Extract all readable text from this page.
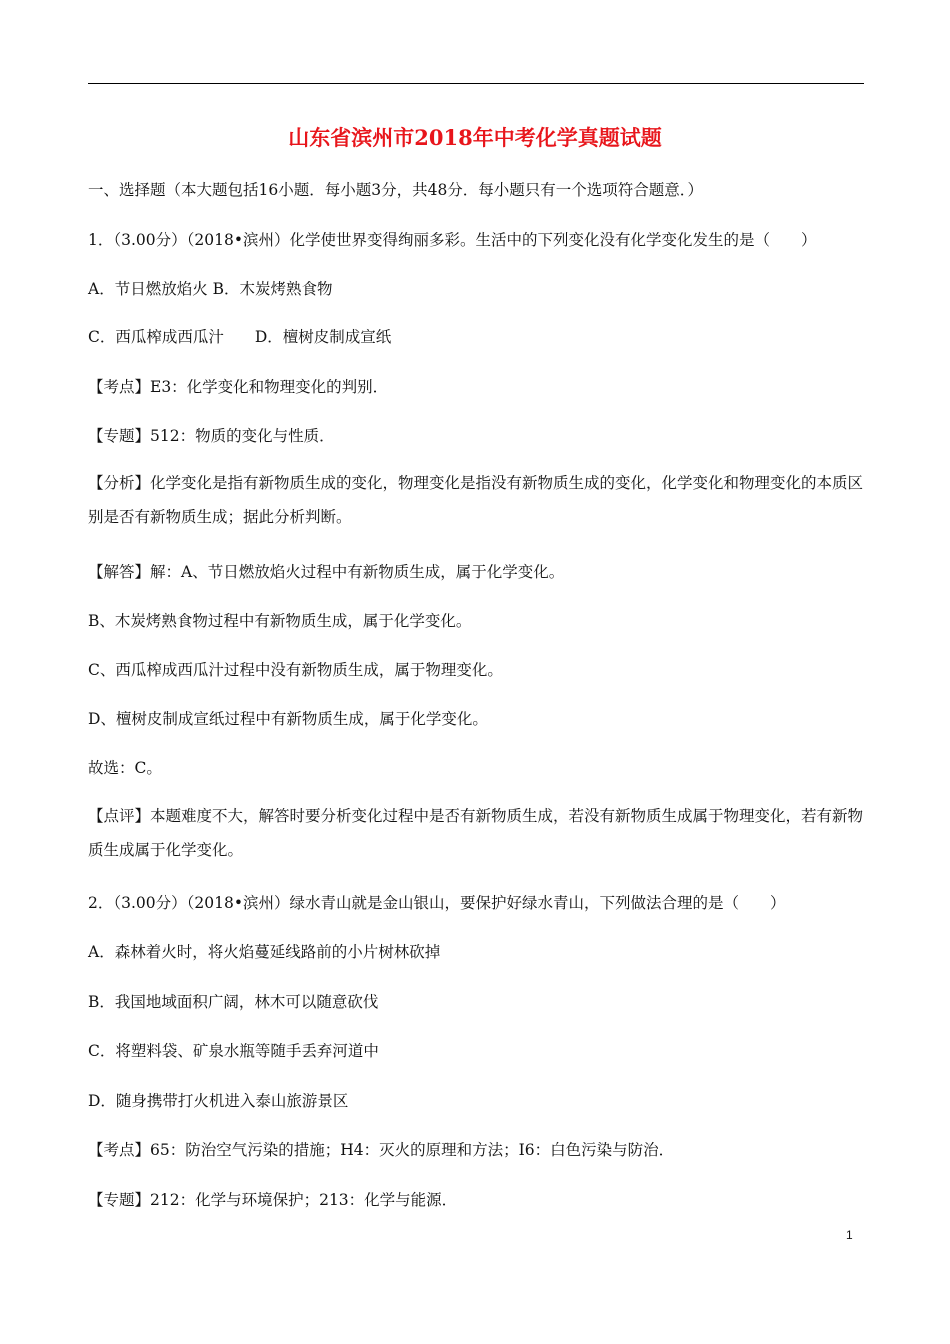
山东省滨州市2018年中考化学真题试题
一、选择题（本大题包括16小题．每小题3分，共48分．每小题只有一个选项符合题意．）
1．（3.00分）（2018•滨州）化学使世界变得绚丽多彩。生活中的下列变化没有化学变化发生的是（　　）
A．节日燃放焰火 B．木炭烤熟食物
C．西瓜榨成西瓜汁　　D．檀树皮制成宣纸
【考点】E3：化学变化和物理变化的判别．
【专题】512：物质的变化与性质．
【分析】化学变化是指有新物质生成的变化，物理变化是指没有新物质生成的变化，化学变化和物理变化的本质区别是否有新物质生成；据此分析判断。
【解答】解：A、节日燃放焰火过程中有新物质生成，属于化学变化。
B、木炭烤熟食物过程中有新物质生成，属于化学变化。
C、西瓜榨成西瓜汁过程中没有新物质生成，属于物理变化。
D、檀树皮制成宣纸过程中有新物质生成，属于化学变化。
故选：C。
【点评】本题难度不大，解答时要分析变化过程中是否有新物质生成，若没有新物质生成属于物理变化，若有新物质生成属于化学变化。
2．（3.00分）（2018•滨州）绿水青山就是金山银山，要保护好绿水青山，下列做法合理的是（　　）
A．森林着火时，将火焰蔓延线路前的小片树林砍掉
B．我国地域面积广阔，林木可以随意砍伐
C．将塑料袋、矿泉水瓶等随手丢弃河道中
D．随身携带打火机进入泰山旅游景区
【考点】65：防治空气污染的措施；H4：灭火的原理和方法；I6：白色污染与防治．
【专题】212：化学与环境保护；213：化学与能源．
1
